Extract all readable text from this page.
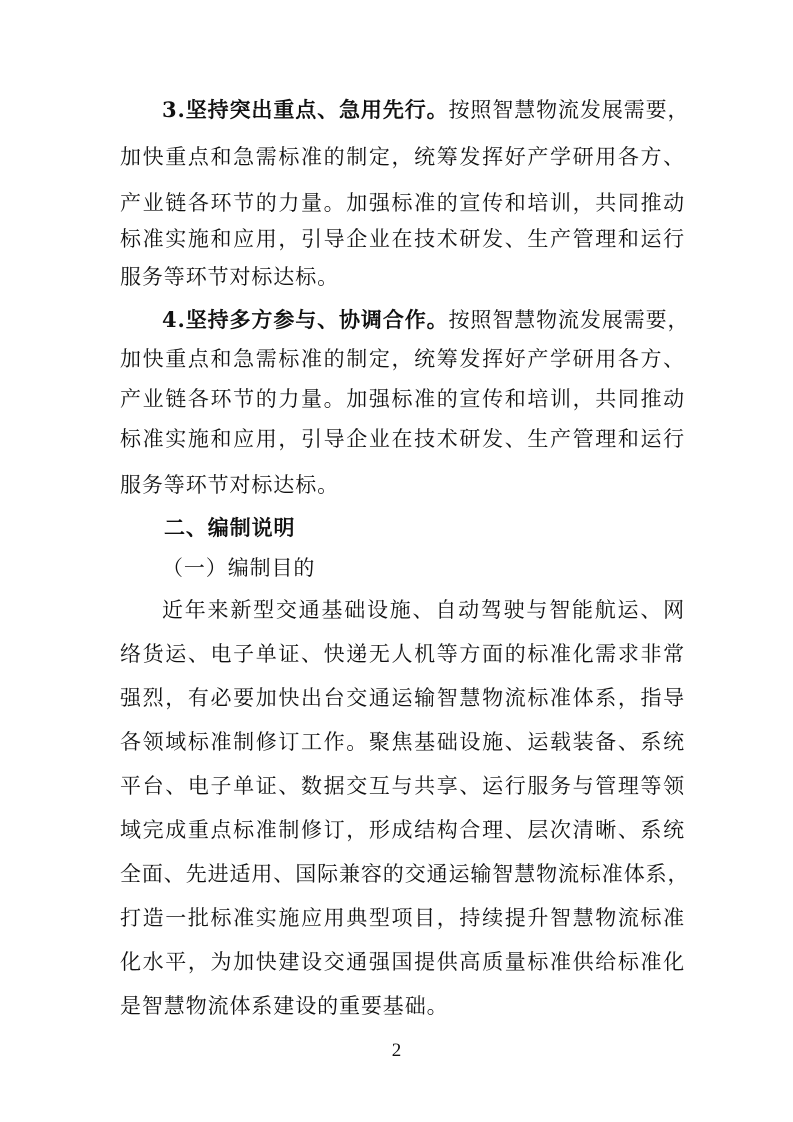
3.坚持突出重点、急用先行。按照智慧物流发展需要，
加快重点和急需标准的制定，统筹发挥好产学研用各方、
产业链各环节的力量。加强标准的宣传和培训，共同推动
标准实施和应用，引导企业在技术研发、生产管理和运行
服务等环节对标达标。
4.坚持多方参与、协调合作。按照智慧物流发展需要，
加快重点和急需标准的制定，统筹发挥好产学研用各方、
产业链各环节的力量。加强标准的宣传和培训，共同推动
标准实施和应用，引导企业在技术研发、生产管理和运行
服务等环节对标达标。
二、编制说明
（一）编制目的
近年来新型交通基础设施、自动驾驶与智能航运、网
络货运、电子单证、快递无人机等方面的标准化需求非常
强烈，有必要加快出台交通运输智慧物流标准体系，指导
各领域标准制修订工作。聚焦基础设施、运载装备、系统
平台、电子单证、数据交互与共享、运行服务与管理等领
域完成重点标准制修订，形成结构合理、层次清晰、系统
全面、先进适用、国际兼容的交通运输智慧物流标准体系，
打造一批标准实施应用典型项目，持续提升智慧物流标准
化水平，为加快建设交通强国提供高质量标准供给标准化
是智慧物流体系建设的重要基础。
2
